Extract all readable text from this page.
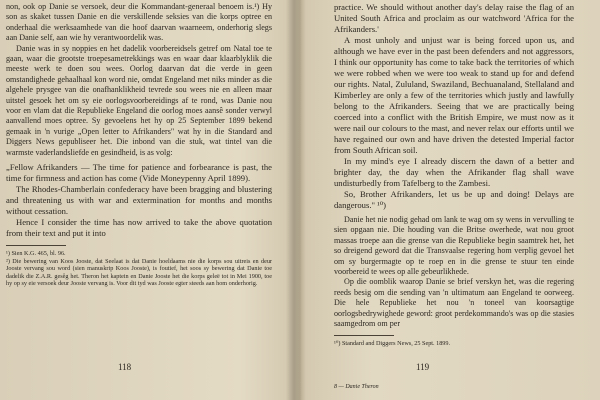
non, ook op Danie se versoek, deur die Kommandant-generaal benoem is.¹) Hy son as skaket tussen Danie en die verskillende seksies van die korps optree en onderhaal die werksaamhede van die hoof daarvan waarneem, onderhorig slegs aan Danie self, aan wie hy verantwoordelik was.

Danie was in sy noppies en het dadelik voorbereidsels getref om Natal toe te gaan, waar die grootste troepesametrekkings was en waar daar klaarblyklik die meeste werk te doen sou wees. Oorlog daarvan dat die verde in geen omstandighede gehaalhaal kon word nie, omdat Engeland met niks minder as die algehele prysgee van die onafhanklikheid tevrede sou wees nie en alleen maar uitstel gesoek het om sy eie oorlogsvoorbereidings af te rond, was Danie nou voor en vlam dat die Republieke Engeland die oorlog moes aansê sonder verwyl aanvallend moes optree. Sy gevoelens het hy op 25 September 1899 bekend gemaak in 'n vurige „Open letter to Afrikanders" wat hy in die Standard and Diggers News gepubliseer het. Die inbond van die stuk, wat tintel van die warmste vaderlandsliefde en gesindheid, is as volg:

„Fellow Afrikanders — The time for patience and forbearance is past, the time for firmness and action has come (Vide Moneypenny April 1899).

The Rhodes-Chamberlain confederacy have been bragging and blustering and threatening us with war and extermination for months and months without cessation.

Hence I consider the time has now arrived to take the above quotation from their text and put it into

¹) Sien K.G. 465, bl. 96.

²) Die bewering van Koos Jooste, dat Seelaat is dat Danie hoeldaams nie die korps sou uitreis en deur Jooste vervang sou word (sien manuskrip Koos Jooste), is foutief, het soos sy bewering dat Danie toe dadelik die Z.A.R. gesêg het. Theron het kaptein en Danie Jooste het die korps geleë tot in Mei 1900, toe hy op sy eie versoek deur Jooste vervang is. Voor dit tyd was Jooste egter steeds aan hom onderhorig.

118

practice. We should without another day's delay raise the flag of an United South Africa and proclaim as our watchword 'Africa for the Afrikanders.'

A most unholy and unjust war is being forced upon us, and although we have ever in the past been defenders and not aggressors, I think our opportunity has come to take back the territories of which we were robbed when we were too weak to stand up for and defend our rights. Natal, Zululand, Swaziland, Bechuanaland, Stellaland and Kimberley are only a few of the territories which justly and lawfully belong to the Afrikanders. Seeing that we are practically being coerced into a conflict with the British Empire, we must now as it were nail our colours to the mast, and never relax our efforts until we have regained our own and have driven the detested Imperial factor from South African soil.

In my mind's eye I already discern the dawn of a better and brighter day, the day when the Afrikander flag shall wave undisturbedly from Tafelberg to the Zambesi.

So, Brother Afrikanders, let us be up and doing! Delays are dangerous." ¹⁰)

Danie het nie nodig gehad om lank te wag om sy wens in vervulling te sien opgaan nie. Die houding van die Britse owerhede, wat nou groot massas troepe aan die grense van die Republieke begin saamtrek het, het so dreigend geword dat die Transvaalse regering hom verplig gevoel het om sy burgermagte op te roep en in die grense te stuur ten einde voorbereid te wees op alle gebeurlikhede.

Op die oomblik waarop Danie se brief verskyn het, was die regering reeds besig om die sending van 'n ultimatum aan Engeland te oorweeg. Die hele Republieke het nou 'n toneel van koorsagtige oorlogsbedrywighede geword: groot perdekommando's was op die stasies saamgedrom om per

¹⁰) Standard and Diggers News, 25 Sept. 1899.

119
8 — Danie Theron
